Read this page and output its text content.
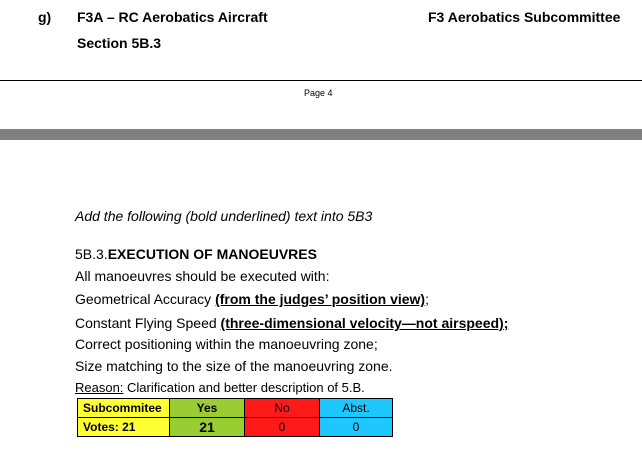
g) F3A – RC Aerobatics Aircraft
Section 5B.3
F3 Aerobatics Subcommittee
Page 4
Add the following (bold underlined) text into 5B3
5B.3.EXECUTION OF MANOEUVRES
All manoeuvres should be executed with:
Geometrical Accuracy (from the judges’ position view);
Constant Flying Speed (three-dimensional velocity—not airspeed);
Correct positioning within the manoeuvring zone;
Size matching to the size of the manoeuvring zone.
Reason: Clarification and better description of 5.B.
Subcommitee	Yes	No	Abst.
Votes: 21	21	0	0
